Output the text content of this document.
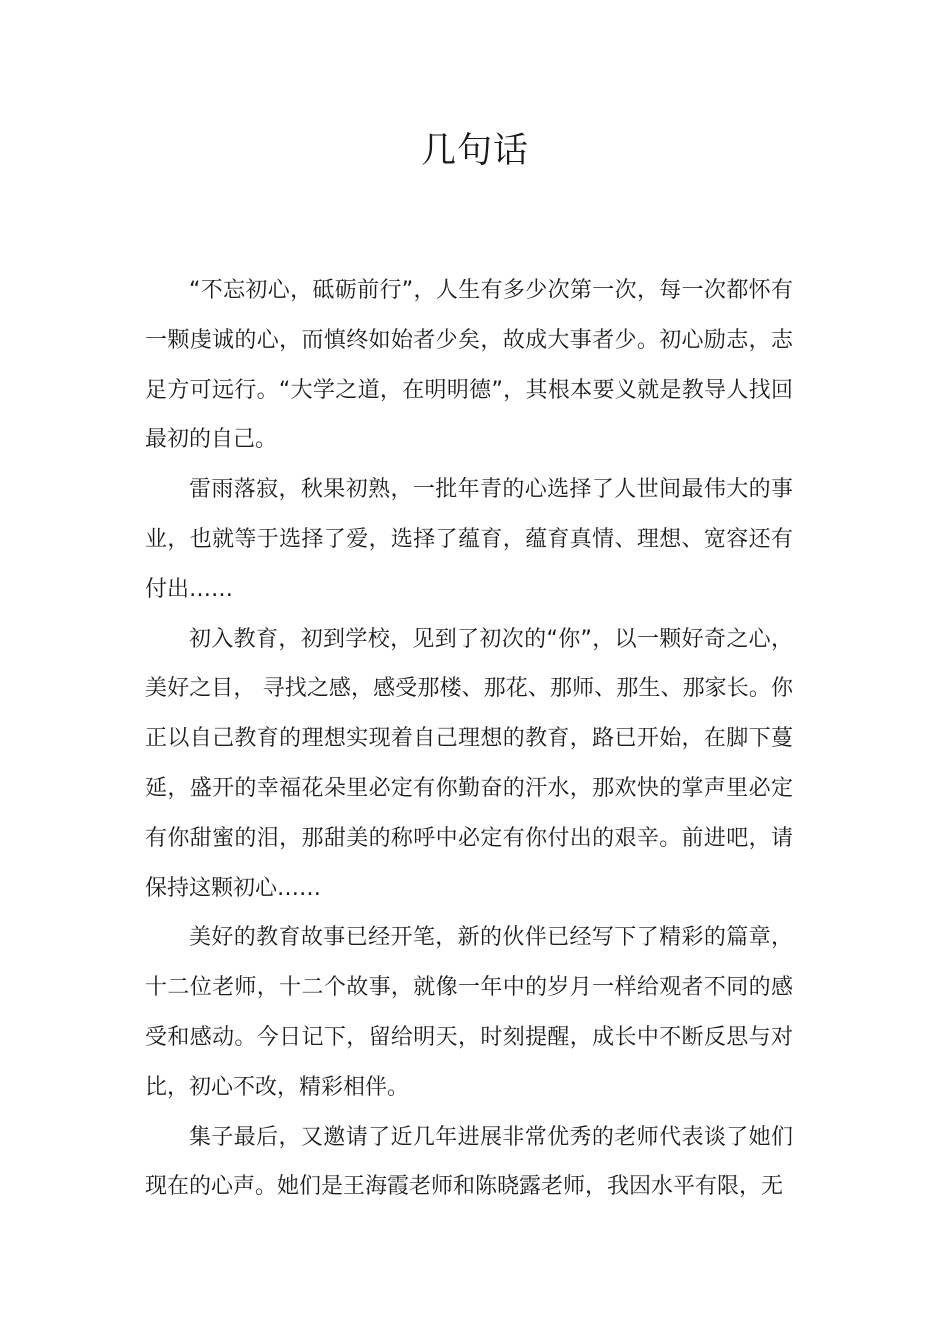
几句话

“不忘初心，砥砺前行”，人生有多少次第一次，每一次都怀有一颗虔诚的心，而慎终如始者少矣，故成大事者少。初心励志，志足方可远行。“大学之道，在明明德”，其根本要义就是教导人找回最初的自己。

雷雨落寂，秋果初熟，一批年青的心选择了人世间最伟大的事业，也就等于选择了爱，选择了蕴育，蕴育真情、理想、宽容还有付出……

初入教育，初到学校，见到了初次的“你”，以一颗好奇之心，美好之目， 寻找之感，感受那楼、那花、那师、那生、那家长。你正以自己教育的理想实现着自己理想的教育，路已开始，在脚下蔓延，盛开的幸福花朵里必定有你勤奋的汗水，那欢快的掌声里必定有你甜蜜的泪，那甜美的称呼中必定有你付出的艰辛。前进吧，请保持这颗初心……

美好的教育故事已经开笔，新的伙伴已经写下了精彩的篇章，十二位老师，十二个故事，就像一年中的岁月一样给观者不同的感受和感动。今日记下，留给明天，时刻提醒，成长中不断反思与对比，初心不改，精彩相伴。

集子最后，又邀请了近几年进展非常优秀的老师代表谈了她们现在的心声。她们是王海霞老师和陈晓露老师，我因水平有限，无
